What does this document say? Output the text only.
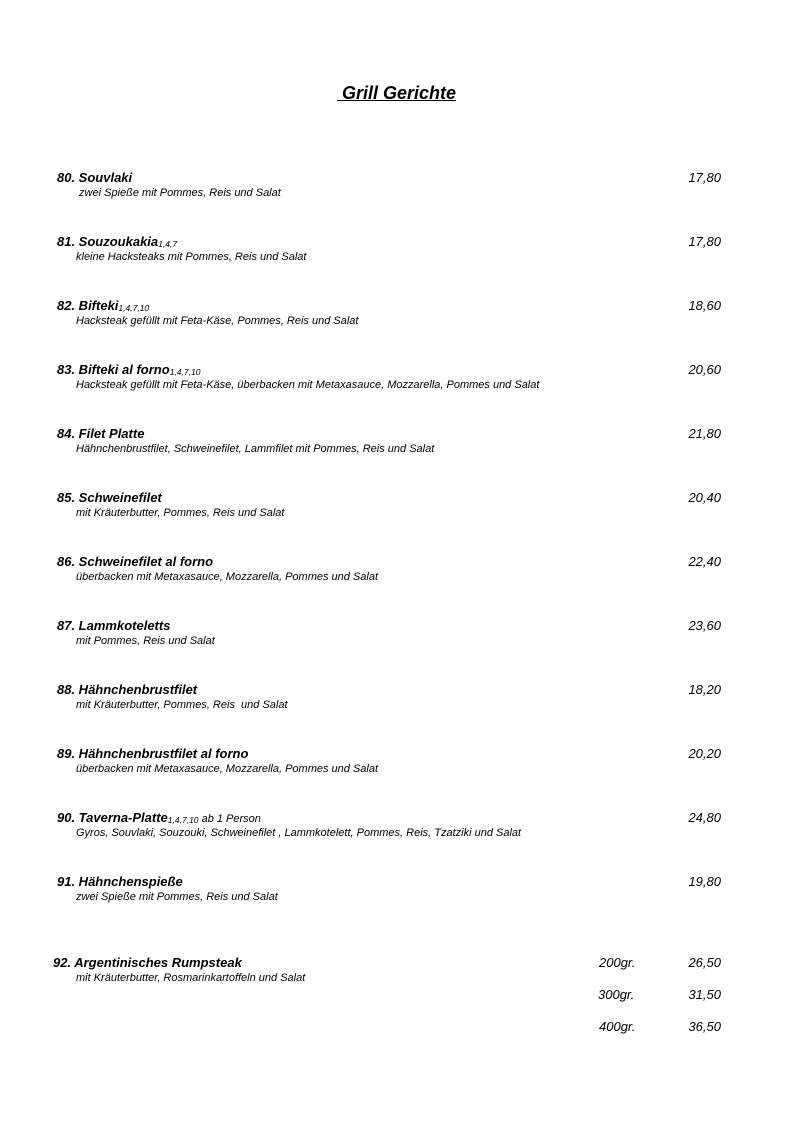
Grill Gerichte
80. Souvlaki
zwei Spieße mit Pommes, Reis und Salat
17,80
81. Souzoukakia$_{1,4,7}$
kleine Hacksteaks mit Pommes, Reis und Salat
17,80
82. Bifteki$_{1,4,7,10}$
Hacksteak gefüllt mit Feta-Käse, Pommes, Reis und Salat
18,60
83. Bifteki al forno$_{1,4,7,10}$
Hacksteak gefüllt mit Feta-Käse, überbacken mit Metaxasauce, Mozzarella, Pommes und Salat
20,60
84. Filet Platte
Hähnchenbrustfilet, Schweinefilet, Lammfilet mit Pommes, Reis und Salat
21,80
85. Schweinefilet
mit Kräuterbutter, Pommes, Reis und Salat
20,40
86. Schweinefilet al forno
überbacken mit Metaxasauce, Mozzarella, Pommes und Salat
22,40
87. Lammkoteletts
mit Pommes, Reis und Salat
23,60
88. Hähnchenbrustfilet
mit Kräuterbutter, Pommes, Reis  und Salat
18,20
89. Hähnchenbrustfilet al forno
überbacken mit Metaxasauce, Mozzarella, Pommes und Salat
20,20
90. Taverna-Platte$_{1,4,7,10}$ ab 1 Person
Gyros, Souvlaki, Souzouki, Schweinefilet , Lammkotelett, Pommes, Reis, Tzatziki und Salat
24,80
91. Hähnchenspieße
zwei Spieße mit Pommes, Reis und Salat
19,80
92. Argentinisches Rumpsteak
mit Kräuterbutter, Rosmarinkartoffeln und Salat
200gr.	26,50
300gr.	31,50
400gr.	36,50
